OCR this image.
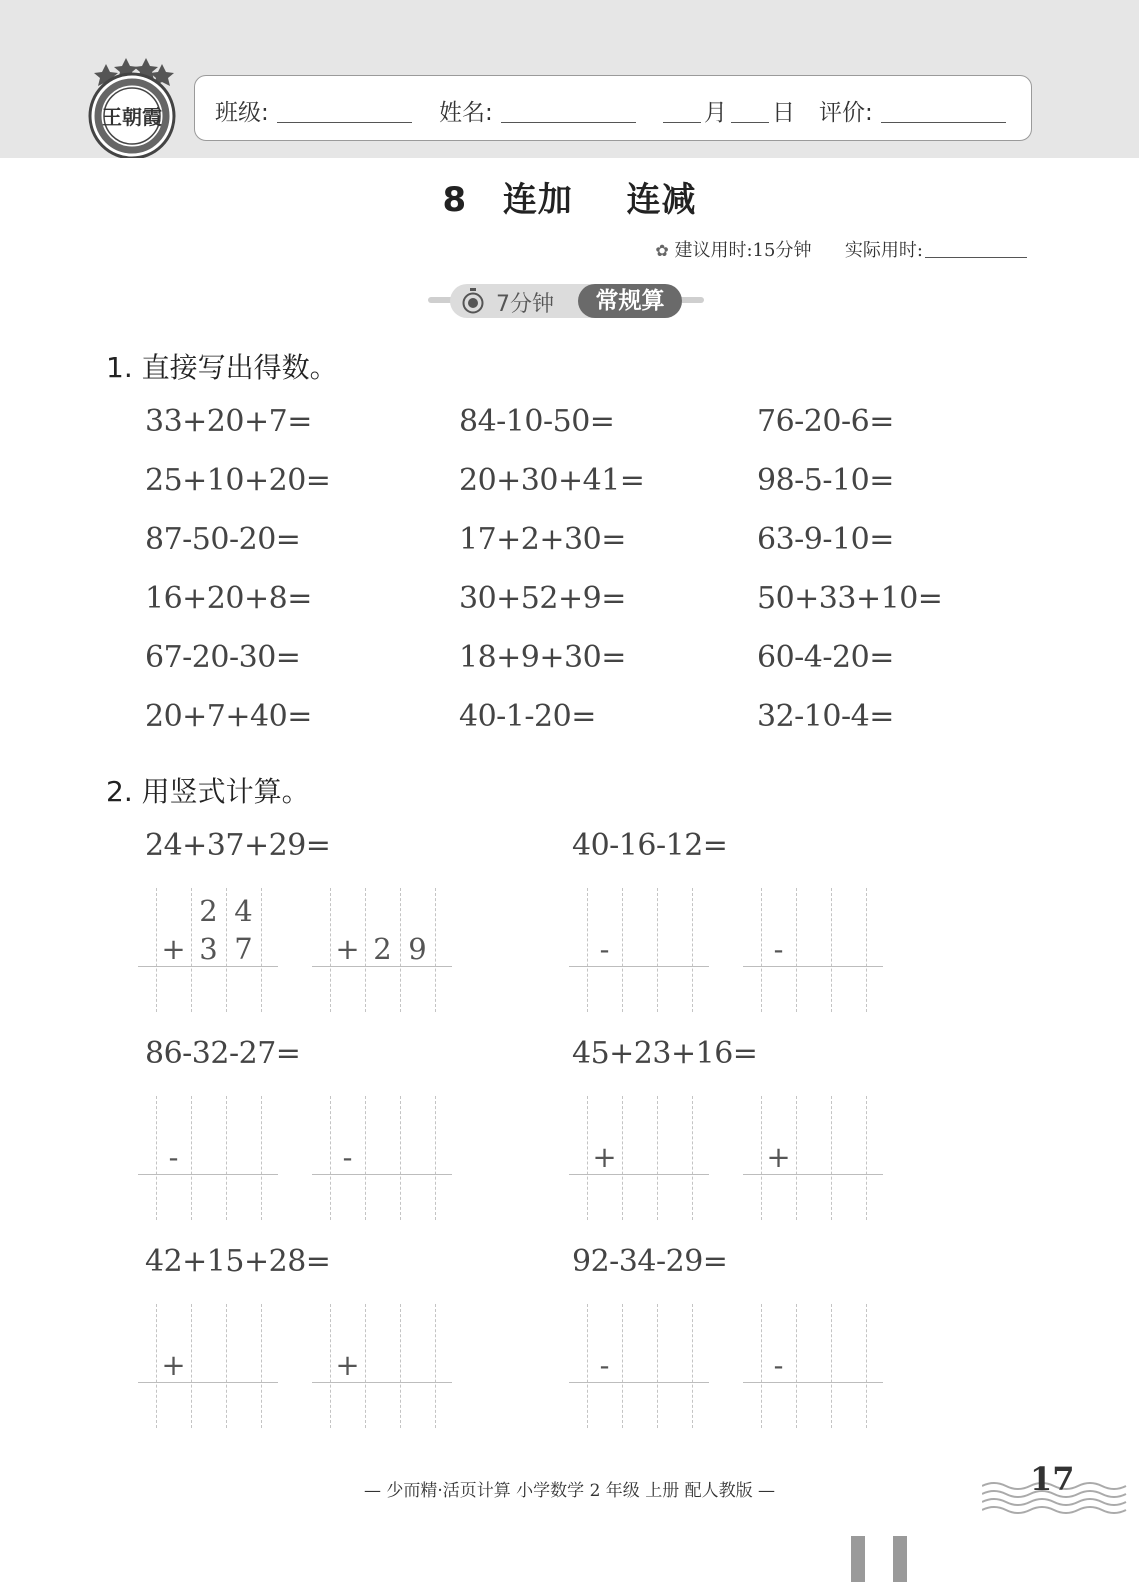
王朝霞 班级:	姓名:	月 日 评价:
8 连加 连减
✿ 建议用时:15分钟 实际用时:
7分钟	常规算
1. 直接写出得数。
33+20+7=	84-10-50=	76-20-6=
25+10+20=	20+30+41=	98-5-10=
87-50-20=	17+2+30=	63-9-10=
16+20+8=	30+52+9=	50+33+10=
67-20-30=	18+9+30=	60-4-20=
20+7+40=	40-1-20=	32-10-4=
2. 用竖式计算。
24+37+29=	40-16-12=
86-32-27=	45+23+16=
42+15+28=	92-34-29=
2 4
+ 3 7	+ 2 9	-	-
-	-	+	+
+	+	-	-
— 少而精·活页计算 小学数学 2 年级 上册 配人教版 —	17
